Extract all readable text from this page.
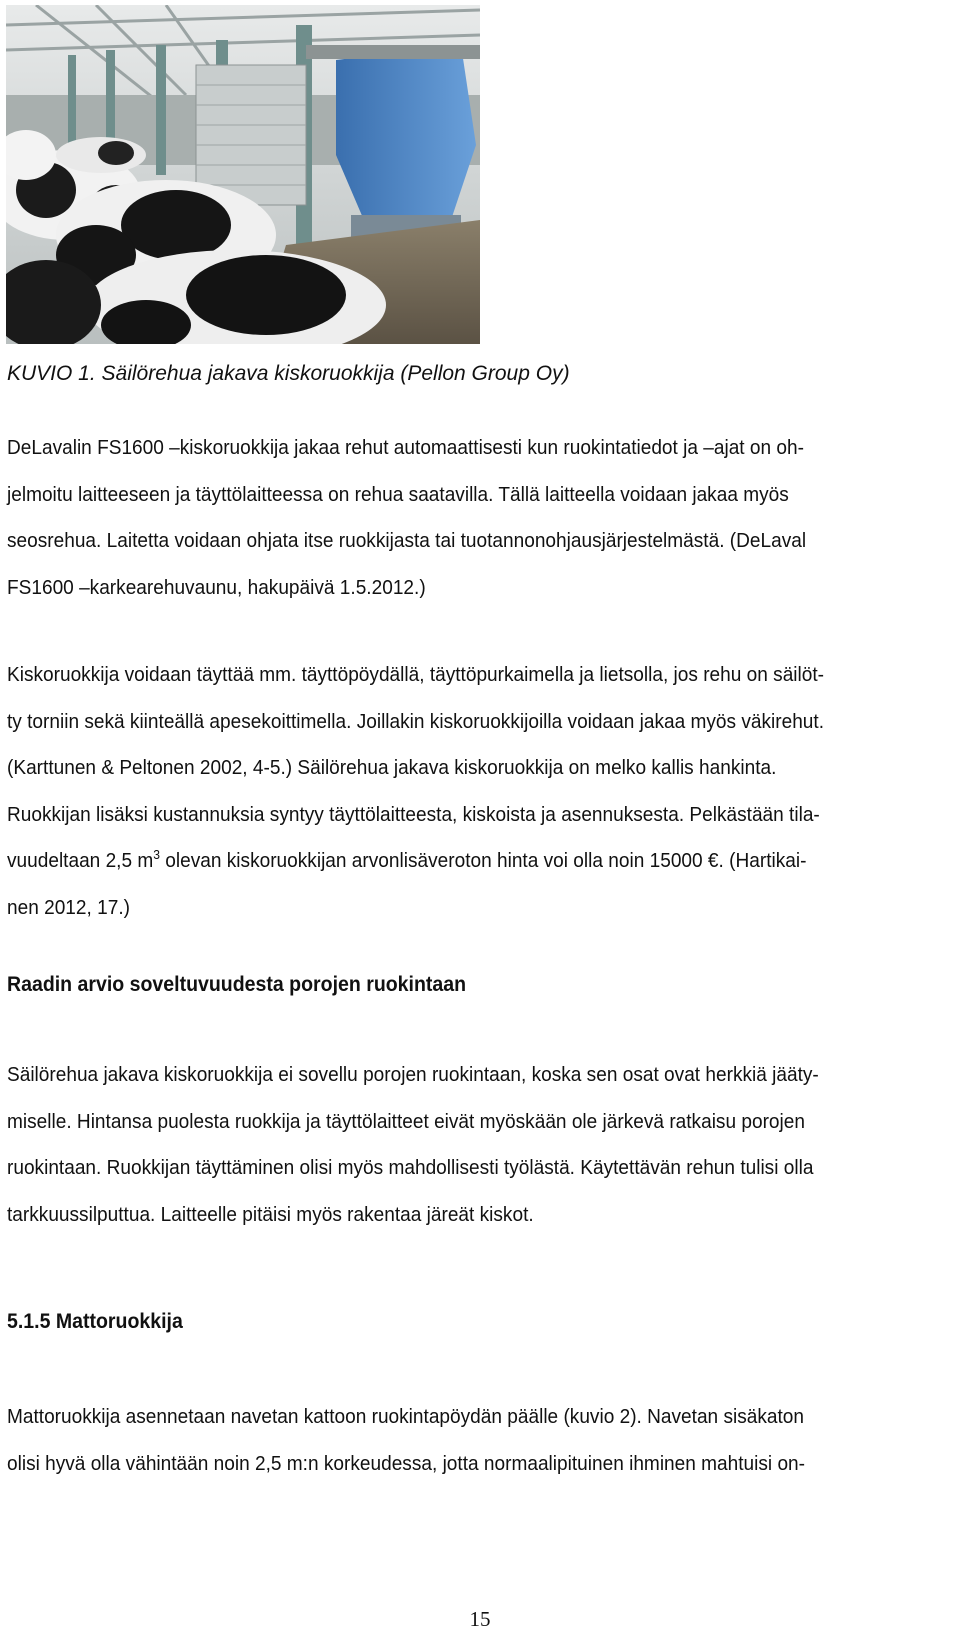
KUVIO 1. Säilörehua jakava kiskoruokkija (Pellon Group Oy)
DeLavalin FS1600 –kiskoruokkija jakaa rehut automaattisesti kun ruokintatiedot ja –ajat on oh-
jelmoitu laitteeseen ja täyttölaitteessa on rehua saatavilla. Tällä laitteella voidaan jakaa myös
seosrehua. Laitetta voidaan ohjata itse ruokkijasta tai tuotannonohjausjärjestelmästä. (DeLaval
FS1600 –karkearehuvaunu, hakupäivä 1.5.2012.)
Kiskoruokkija voidaan täyttää mm. täyttöpöydällä, täyttöpurkaimella ja lietsolla, jos rehu on säilöt-
ty torniin sekä kiinteällä apesekoittimella. Joillakin kiskoruokkijoilla voidaan jakaa myös väkirehut.
(Karttunen & Peltonen 2002, 4-5.) Säilörehua jakava kiskoruokkija on melko kallis hankinta.
Ruokkijan lisäksi kustannuksia syntyy täyttölaitteesta, kiskoista ja asennuksesta. Pelkästään tila-
vuudeltaan 2,5 $m^3$ olevan kiskoruokkijan arvonlisäveroton hinta voi olla noin 15000 €. (Hartikai-
nen 2012, 17.)
Raadin arvio soveltuvuudesta porojen ruokintaan
Säilörehua jakava kiskoruokkija ei sovellu porojen ruokintaan, koska sen osat ovat herkkiä jääty-
miselle. Hintansa puolesta ruokkija ja täyttölaitteet eivät myöskään ole järkevä ratkaisu porojen
ruokintaan. Ruokkijan täyttäminen olisi myös mahdollisesti työlästä. Käytettävän rehun tulisi olla
tarkkuussilputtua. Laitteelle pitäisi myös rakentaa järeät kiskot.
5.1.5 Mattoruokkija
Mattoruokkija asennetaan navetan kattoon ruokintapöydän päälle (kuvio 2). Navetan sisäkaton
olisi hyvä olla vähintään noin 2,5 m:n korkeudessa, jotta normaalipituinen ihminen mahtuisi on-
15
